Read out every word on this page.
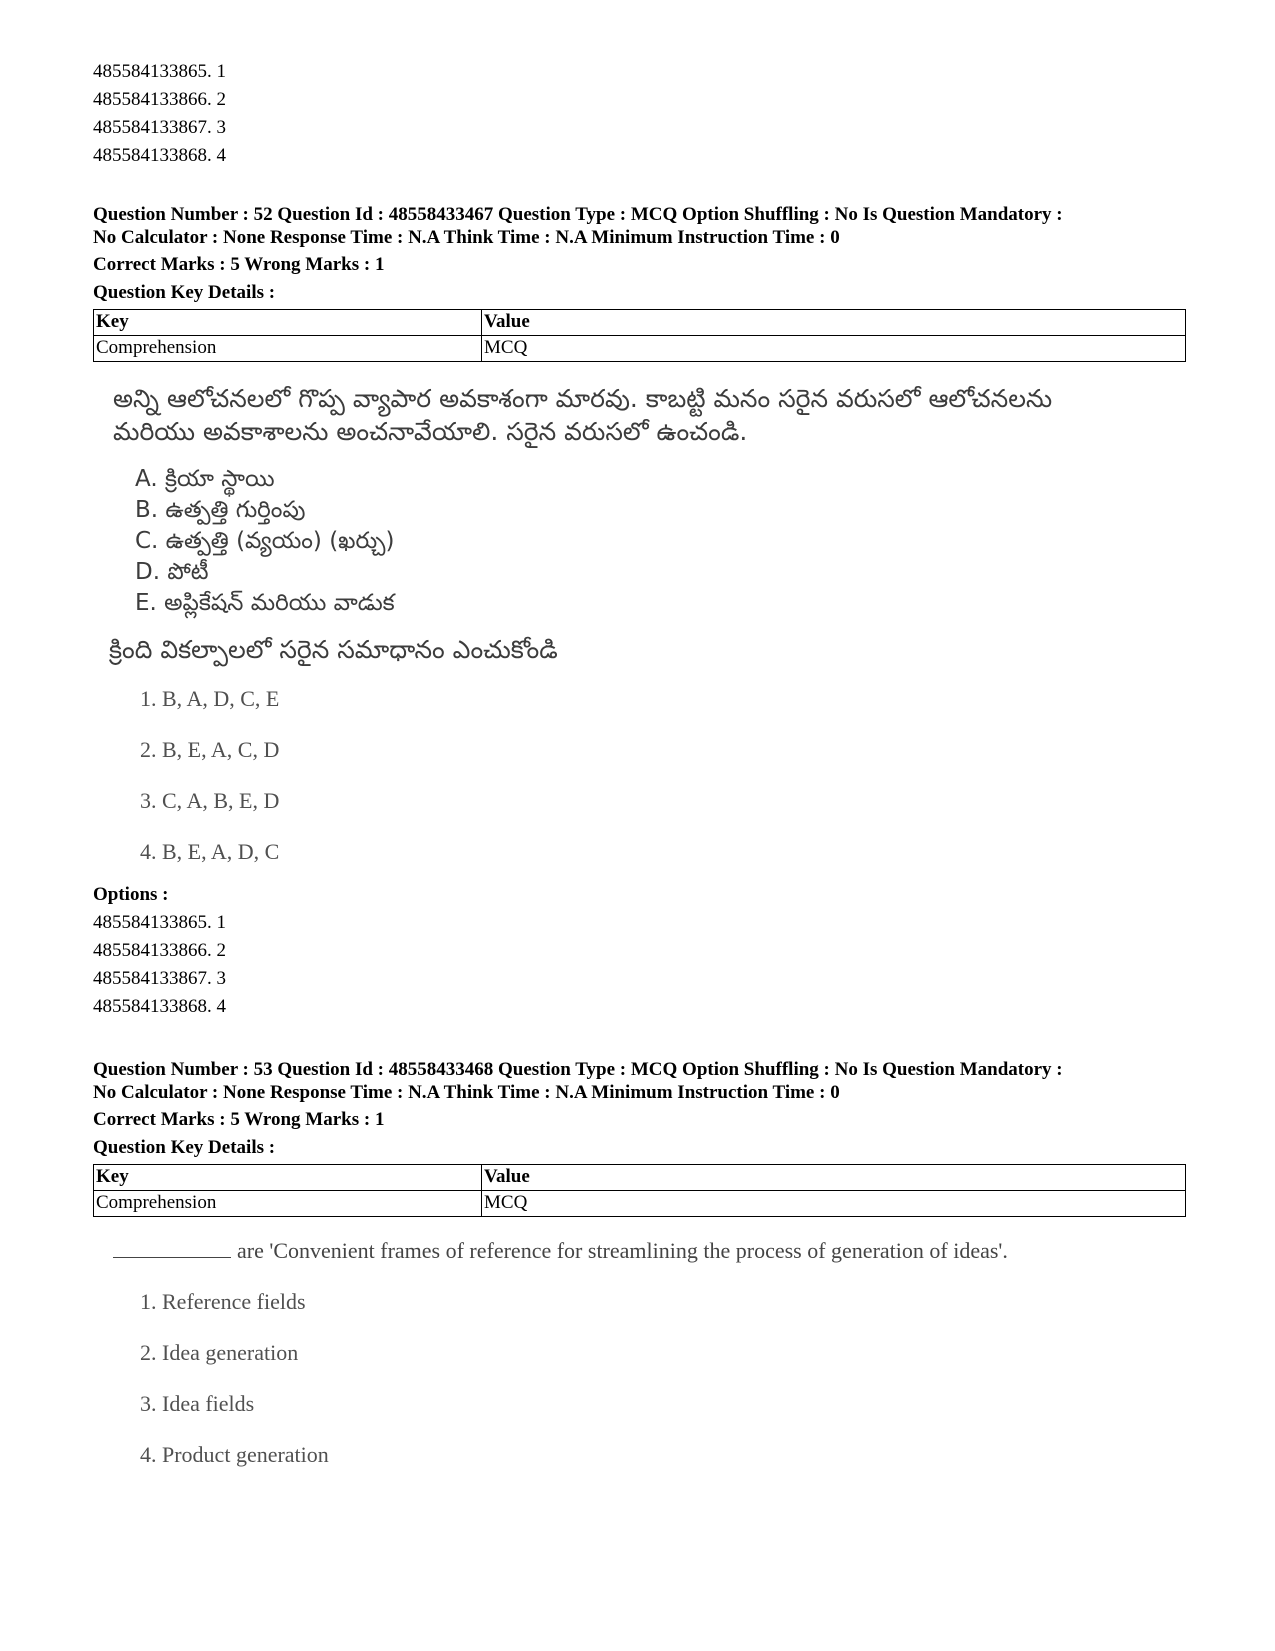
485584133865. 1
485584133866. 2
485584133867. 3
485584133868. 4
Question Number : 52 Question Id : 48558433467 Question Type : MCQ Option Shuffling : No Is Question Mandatory :
No Calculator : None Response Time : N.A Think Time : N.A Minimum Instruction Time : 0
Correct Marks : 5 Wrong Marks : 1
Question Key Details :
Key	Value
Comprehension	MCQ
అన్ని ఆలోచనలలో గొప్ప వ్యాపార అవకాశంగా మారవు. కాబట్టి మనం సరైన వరుసలో ఆలోచనలను
మరియు అవకాశాలను అంచనావేయాలి. సరైన వరుసలో ఉంచండి.
A. క్రియా స్థాయి
B. ఉత్పత్తి గుర్తింపు
C. ఉత్పత్తి (వ్యయం) (ఖర్చు)
D. పోటీ
E. అప్లికేషన్ మరియు వాడుక
క్రింది వికల్పాలలో సరైన సమాధానం ఎంచుకోండి
1. B, A, D, C, E
2. B, E, A, C, D
3. C, A, B, E, D
4. B, E, A, D, C
Options :
485584133865. 1
485584133866. 2
485584133867. 3
485584133868. 4
Question Number : 53 Question Id : 48558433468 Question Type : MCQ Option Shuffling : No Is Question Mandatory :
No Calculator : None Response Time : N.A Think Time : N.A Minimum Instruction Time : 0
Correct Marks : 5 Wrong Marks : 1
Question Key Details :
Key	Value
Comprehension	MCQ
are 'Convenient frames of reference for streamlining the process of generation of ideas'.
1. Reference fields
2. Idea generation
3. Idea fields
4. Product generation
